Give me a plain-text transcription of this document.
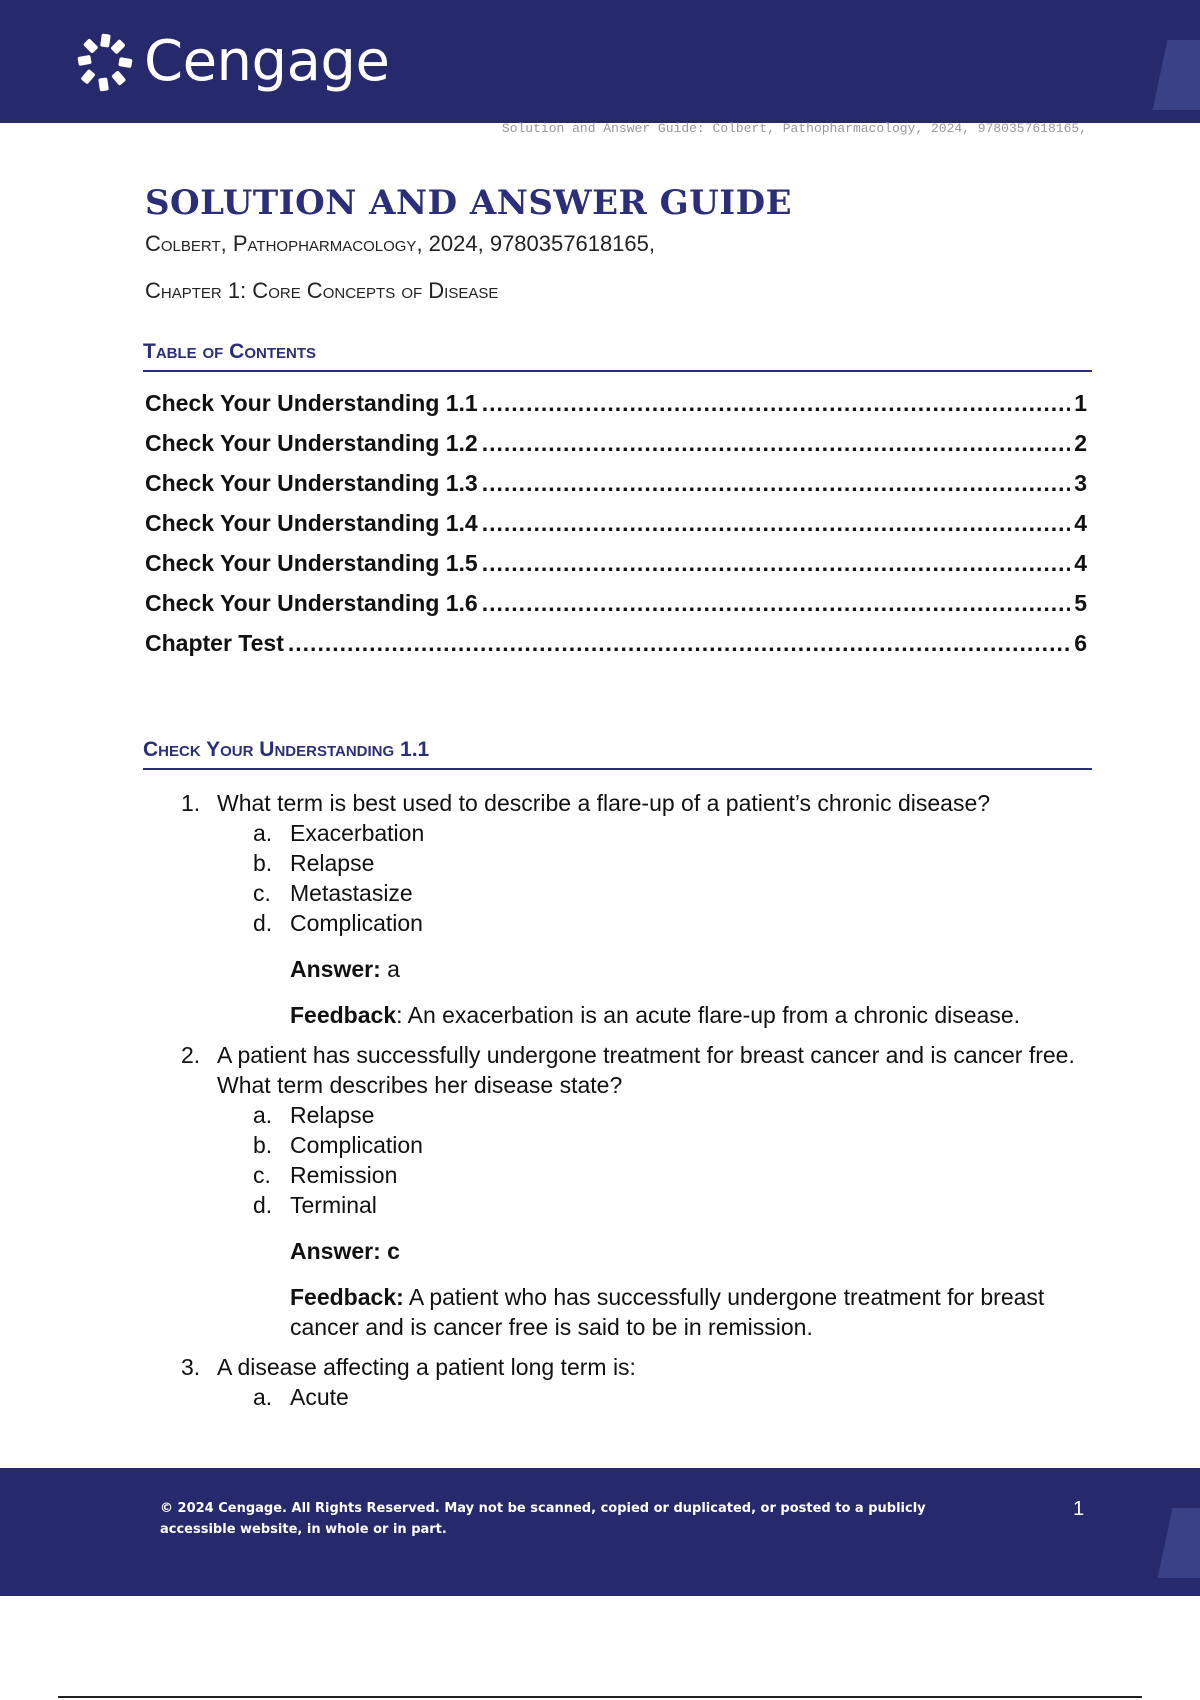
Cengage
Solution and Answer Guide: Colbert, Pathopharmacology, 2024, 9780357618165,
SOLUTION AND ANSWER GUIDE
Colbert, Pathopharmacology, 2024, 9780357618165,
Chapter 1: Core Concepts of Disease
Table of Contents
Check Your Understanding 1.1 .....	1
Check Your Understanding 1.2 .....	2
Check Your Understanding 1.3 .....	3
Check Your Understanding 1.4 .....	4
Check Your Understanding 1.5 .....	4
Check Your Understanding 1.6 .....	5
Chapter Test .....	6
Check Your Understanding 1.1
1. What term is best used to describe a flare-up of a patient’s chronic disease?
a. Exacerbation
b. Relapse
c. Metastasize
d. Complication
Answer: a
Feedback: An exacerbation is an acute flare-up from a chronic disease.
2. A patient has successfully undergone treatment for breast cancer and is cancer free. What term describes her disease state?
a. Relapse
b. Complication
c. Remission
d. Terminal
Answer: c
Feedback: A patient who has successfully undergone treatment for breast cancer and is cancer free is said to be in remission.
3. A disease affecting a patient long term is:
a. Acute
© 2024 Cengage. All Rights Reserved. May not be scanned, copied or duplicated, or posted to a publicly accessible website, in whole or in part.
1
